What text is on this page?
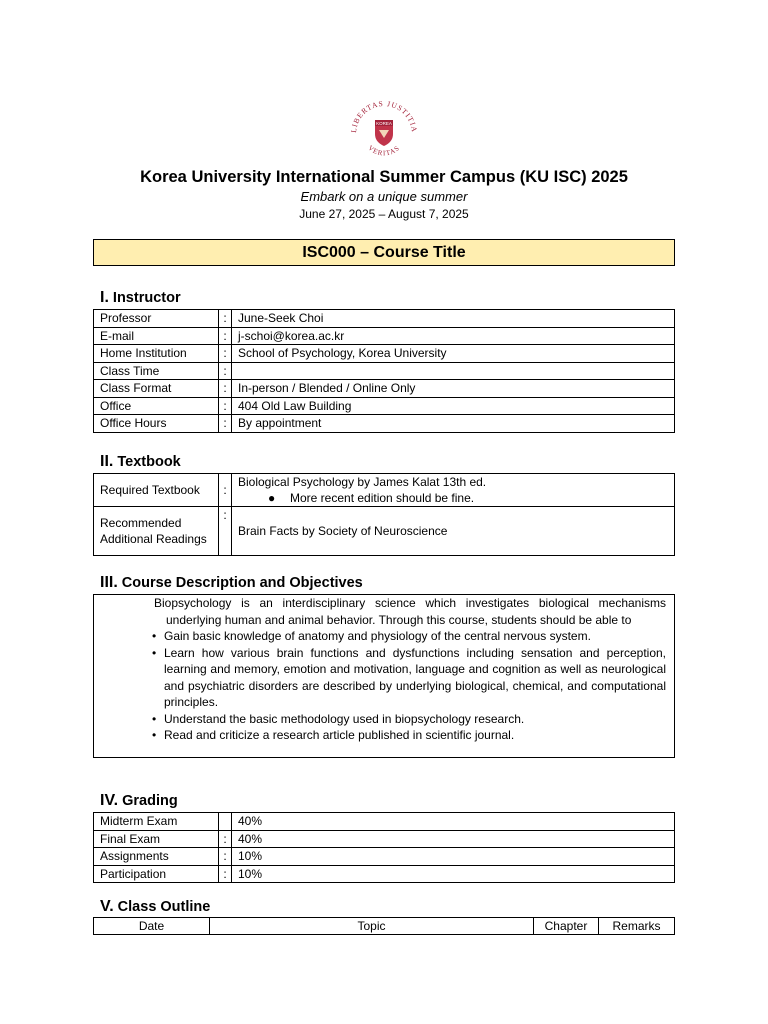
LIBERTAS JUSTITIA
VERITAS
KOREA
Korea University International Summer Campus (KU ISC) 2025
Embark on a unique summer
June 27, 2025 – August 7, 2025
ISC000 – Course Title
I. Instructor
Professor	:	June-Seek Choi
E-mail	:	j-schoi@korea.ac.kr
Home Institution	:	School of Psychology, Korea University
Class Time	:	
Class Format	:	In-person / Blended / Online Only
Office	:	404 Old Law Building
Office Hours	:	By appointment
II. Textbook
Required Textbook	:	Biological Psychology by James Kalat 13th ed.
● More recent edition should be fine.

Recommended Additional Readings	:	Brain Facts by Society of Neuroscience
III. Course Description and Objectives

Biopsychology is an interdisciplinary science which investigates biological mechanisms underlying human and animal behavior. Through this course, students should be able to

• Gain basic knowledge of anatomy and physiology of the central nervous system.
• Learn how various brain functions and dysfunctions including sensation and perception, learning and memory, emotion and motivation, language and cognition as well as neurological and psychiatric disorders are described by underlying biological, chemical, and computational principles.
• Understand the basic methodology used in biopsychology research.
• Read and criticize a research article published in scientific journal.
IV. Grading
Midterm Exam		40%
Final Exam	:	40%
Assignments	:	10%
Participation	:	10%
V. Class Outline
Date	Topic	Chapter	Remarks
